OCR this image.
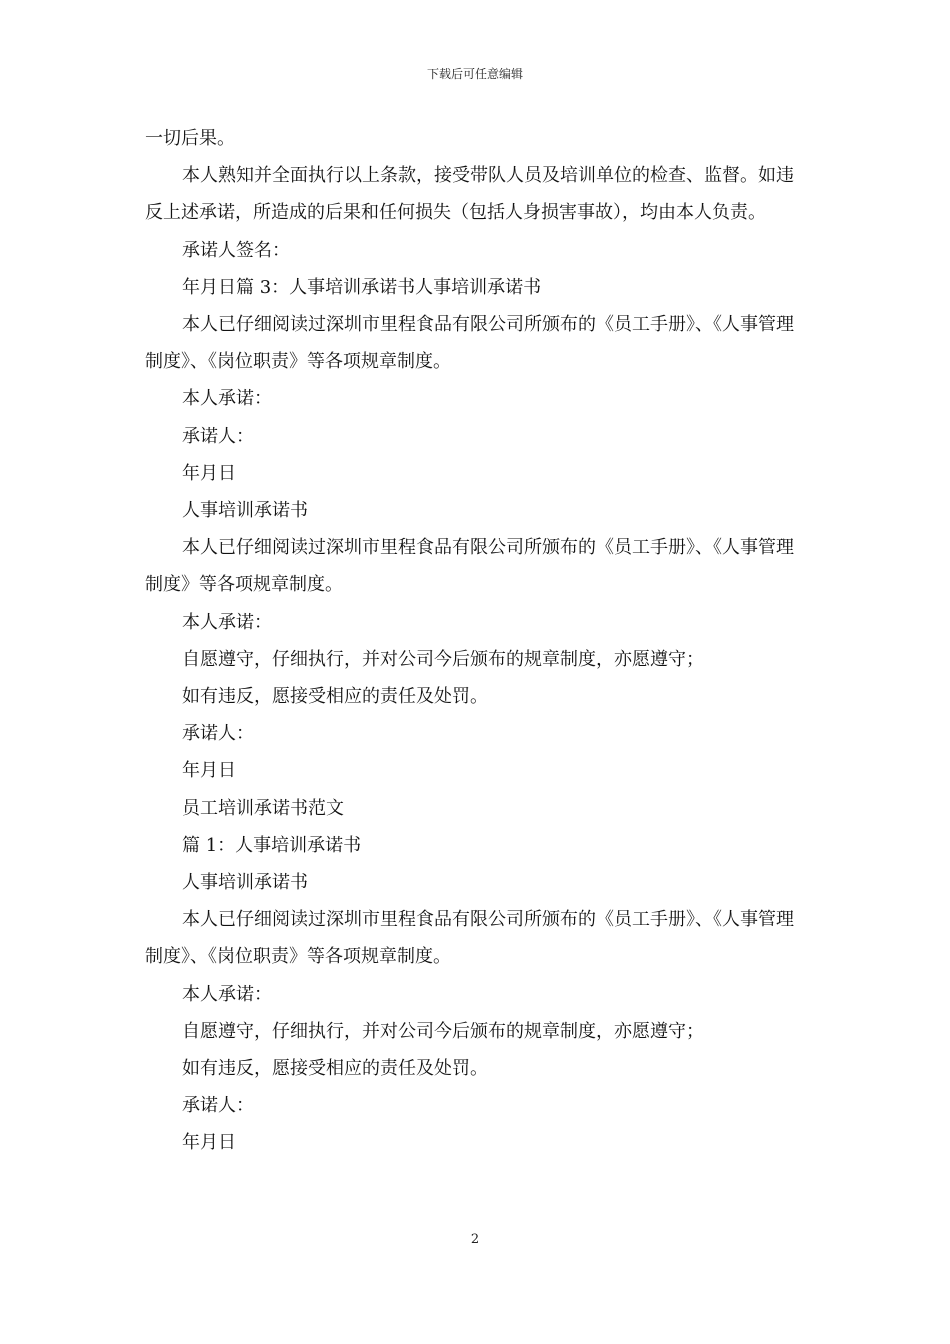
下载后可任意编辑

一切后果。

本人熟知并全面执行以上条款，接受带队人员及培训单位的检查、监督。如违反上述承诺，所造成的后果和任何损失（包括人身损害事故），均由本人负责。

承诺人签名：

年月日篇 3：人事培训承诺书人事培训承诺书

本人已仔细阅读过深圳市里程食品有限公司所颁布的《员工手册》、《人事管理制度》、《岗位职责》等各项规章制度。

本人承诺：

承诺人：

年月日

人事培训承诺书

本人已仔细阅读过深圳市里程食品有限公司所颁布的《员工手册》、《人事管理制度》等各项规章制度。

本人承诺：

自愿遵守，仔细执行，并对公司今后颁布的规章制度，亦愿遵守；

如有违反，愿接受相应的责任及处罚。

承诺人：

年月日

员工培训承诺书范文

篇 1：人事培训承诺书

人事培训承诺书

本人已仔细阅读过深圳市里程食品有限公司所颁布的《员工手册》、《人事管理制度》、《岗位职责》等各项规章制度。

本人承诺：

自愿遵守，仔细执行，并对公司今后颁布的规章制度，亦愿遵守；

如有违反，愿接受相应的责任及处罚。

承诺人：

年月日

2
